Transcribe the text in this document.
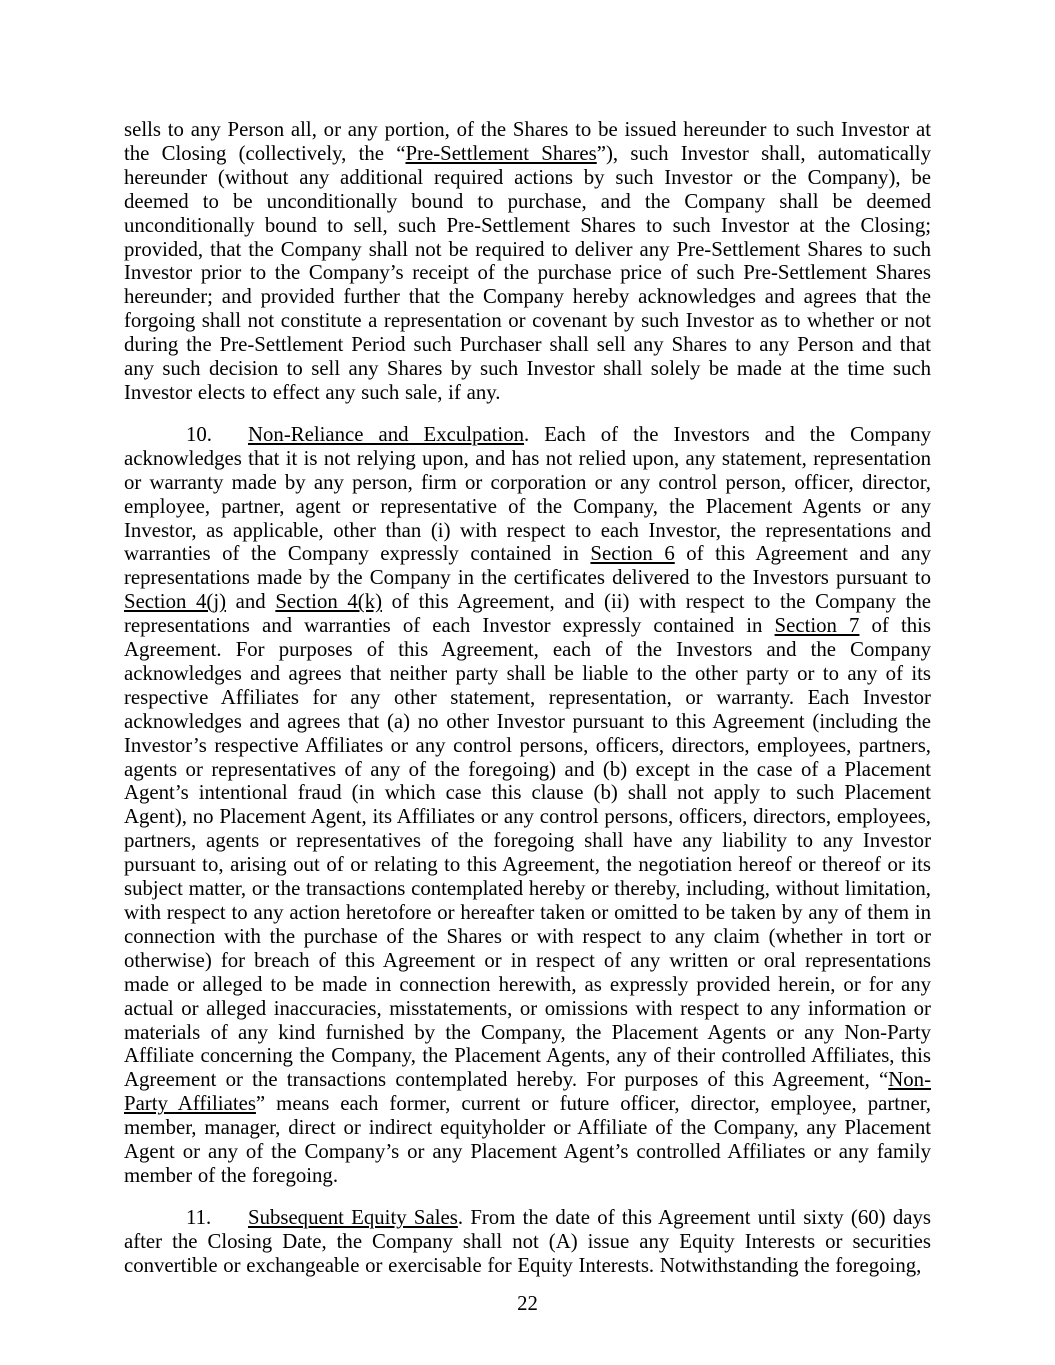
sells to any Person all, or any portion, of the Shares to be issued hereunder to such Investor at the Closing (collectively, the “Pre-Settlement Shares”), such Investor shall, automatically hereunder (without any additional required actions by such Investor or the Company), be deemed to be unconditionally bound to purchase, and the Company shall be deemed unconditionally bound to sell, such Pre-Settlement Shares to such Investor at the Closing; provided, that the Company shall not be required to deliver any Pre-Settlement Shares to such Investor prior to the Company’s receipt of the purchase price of such Pre-Settlement Shares hereunder; and provided further that the Company hereby acknowledges and agrees that the forgoing shall not constitute a representation or covenant by such Investor as to whether or not during the Pre-Settlement Period such Purchaser shall sell any Shares to any Person and that any such decision to sell any Shares by such Investor shall solely be made at the time such Investor elects to effect any such sale, if any.

10. Non-Reliance and Exculpation. Each of the Investors and the Company acknowledges that it is not relying upon, and has not relied upon, any statement, representation or warranty made by any person, firm or corporation or any control person, officer, director, employee, partner, agent or representative of the Company, the Placement Agents or any Investor, as applicable, other than (i) with respect to each Investor, the representations and warranties of the Company expressly contained in Section 6 of this Agreement and any representations made by the Company in the certificates delivered to the Investors pursuant to Section 4(j) and Section 4(k) of this Agreement, and (ii) with respect to the Company the representations and warranties of each Investor expressly contained in Section 7 of this Agreement. For purposes of this Agreement, each of the Investors and the Company acknowledges and agrees that neither party shall be liable to the other party or to any of its respective Affiliates for any other statement, representation, or warranty. Each Investor acknowledges and agrees that (a) no other Investor pursuant to this Agreement (including the Investor’s respective Affiliates or any control persons, officers, directors, employees, partners, agents or representatives of any of the foregoing) and (b) except in the case of a Placement Agent’s intentional fraud (in which case this clause (b) shall not apply to such Placement Agent), no Placement Agent, its Affiliates or any control persons, officers, directors, employees, partners, agents or representatives of the foregoing shall have any liability to any Investor pursuant to, arising out of or relating to this Agreement, the negotiation hereof or thereof or its subject matter, or the transactions contemplated hereby or thereby, including, without limitation, with respect to any action heretofore or hereafter taken or omitted to be taken by any of them in connection with the purchase of the Shares or with respect to any claim (whether in tort or otherwise) for breach of this Agreement or in respect of any written or oral representations made or alleged to be made in connection herewith, as expressly provided herein, or for any actual or alleged inaccuracies, misstatements, or omissions with respect to any information or materials of any kind furnished by the Company, the Placement Agents or any Non-Party Affiliate concerning the Company, the Placement Agents, any of their controlled Affiliates, this Agreement or the transactions contemplated hereby. For purposes of this Agreement, “Non-Party Affiliates” means each former, current or future officer, director, employee, partner, member, manager, direct or indirect equityholder or Affiliate of the Company, any Placement Agent or any of the Company’s or any Placement Agent’s controlled Affiliates or any family member of the foregoing.

11. Subsequent Equity Sales. From the date of this Agreement until sixty (60) days after the Closing Date, the Company shall not (A) issue any Equity Interests or securities convertible or exchangeable or exercisable for Equity Interests. Notwithstanding the foregoing,

22
